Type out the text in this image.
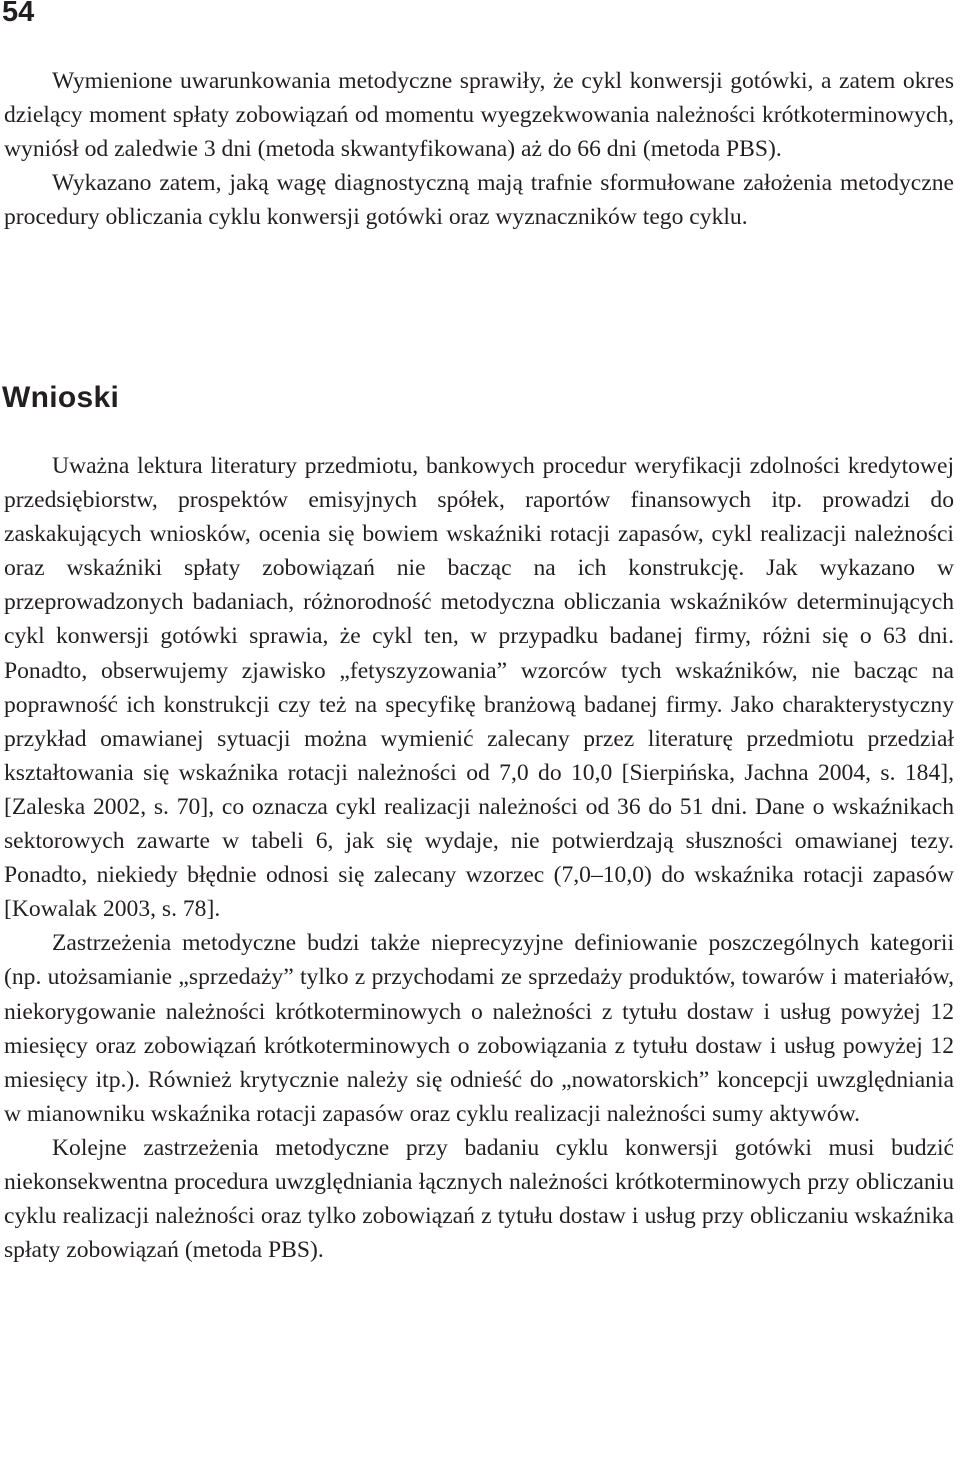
54

Wymienione uwarunkowania metodyczne sprawiły, że cykl konwersji gotówki, a zatem okres dzielący moment spłaty zobowiązań od momentu wyegzekwowania należności krótkoterminowych, wyniósł od zaledwie 3 dni (metoda skwantyfikowana) aż do 66 dni (metoda PBS).

Wykazano zatem, jaką wagę diagnostyczną mają trafnie sformułowane założenia metodyczne procedury obliczania cyklu konwersji gotówki oraz wyznaczników tego cyklu.

Wnioski

Uważna lektura literatury przedmiotu, bankowych procedur weryfikacji zdolności kredytowej przedsiębiorstw, prospektów emisyjnych spółek, raportów finansowych itp. prowadzi do zaskakujących wniosków, ocenia się bowiem wskaźniki rotacji zapasów, cykl realizacji należności oraz wskaźniki spłaty zobowiązań nie bacząc na ich konstrukcję. Jak wykazano w przeprowadzonych badaniach, różnorodność metodyczna obliczania wskaźników determinujących cykl konwersji gotówki sprawia, że cykl ten, w przypadku badanej firmy, różni się o 63 dni. Ponadto, obserwujemy zjawisko „fetyszyzowania” wzorców tych wskaźników, nie bacząc na poprawność ich konstrukcji czy też na specyfikę branżową badanej firmy. Jako charakterystyczny przykład omawianej sytuacji można wymienić zalecany przez literaturę przedmiotu przedział kształtowania się wskaźnika rotacji należności od 7,0 do 10,0 [Sierpińska, Jachna 2004, s. 184], [Zaleska 2002, s. 70], co oznacza cykl realizacji należności od 36 do 51 dni. Dane o wskaźnikach sektorowych zawarte w tabeli 6, jak się wydaje, nie potwierdzają słuszności omawianej tezy. Ponadto, niekiedy błędnie odnosi się zalecany wzorzec (7,0–10,0) do wskaźnika rotacji zapasów [Kowalak 2003, s. 78].

Zastrzeżenia metodyczne budzi także nieprecyzyjne definiowanie poszczególnych kategorii (np. utożsamianie „sprzedaży” tylko z przychodami ze sprzedaży produktów, towarów i materiałów, niekorygowanie należności krótkoterminowych o należności z tytułu dostaw i usług powyżej 12 miesięcy oraz zobowiązań krótkoterminowych o zobowiązania z tytułu dostaw i usług powyżej 12 miesięcy itp.). Również krytycznie należy się odnieść do „nowatorskich” koncepcji uwzględniania w mianowniku wskaźnika rotacji zapasów oraz cyklu realizacji należności sumy aktywów.

Kolejne zastrzeżenia metodyczne przy badaniu cyklu konwersji gotówki musi budzić niekonsekwentna procedura uwzględniania łącznych należności krótkoterminowych przy obliczaniu cyklu realizacji należności oraz tylko zobowiązań z tytułu dostaw i usług przy obliczaniu wskaźnika spłaty zobowiązań (metoda PBS).
